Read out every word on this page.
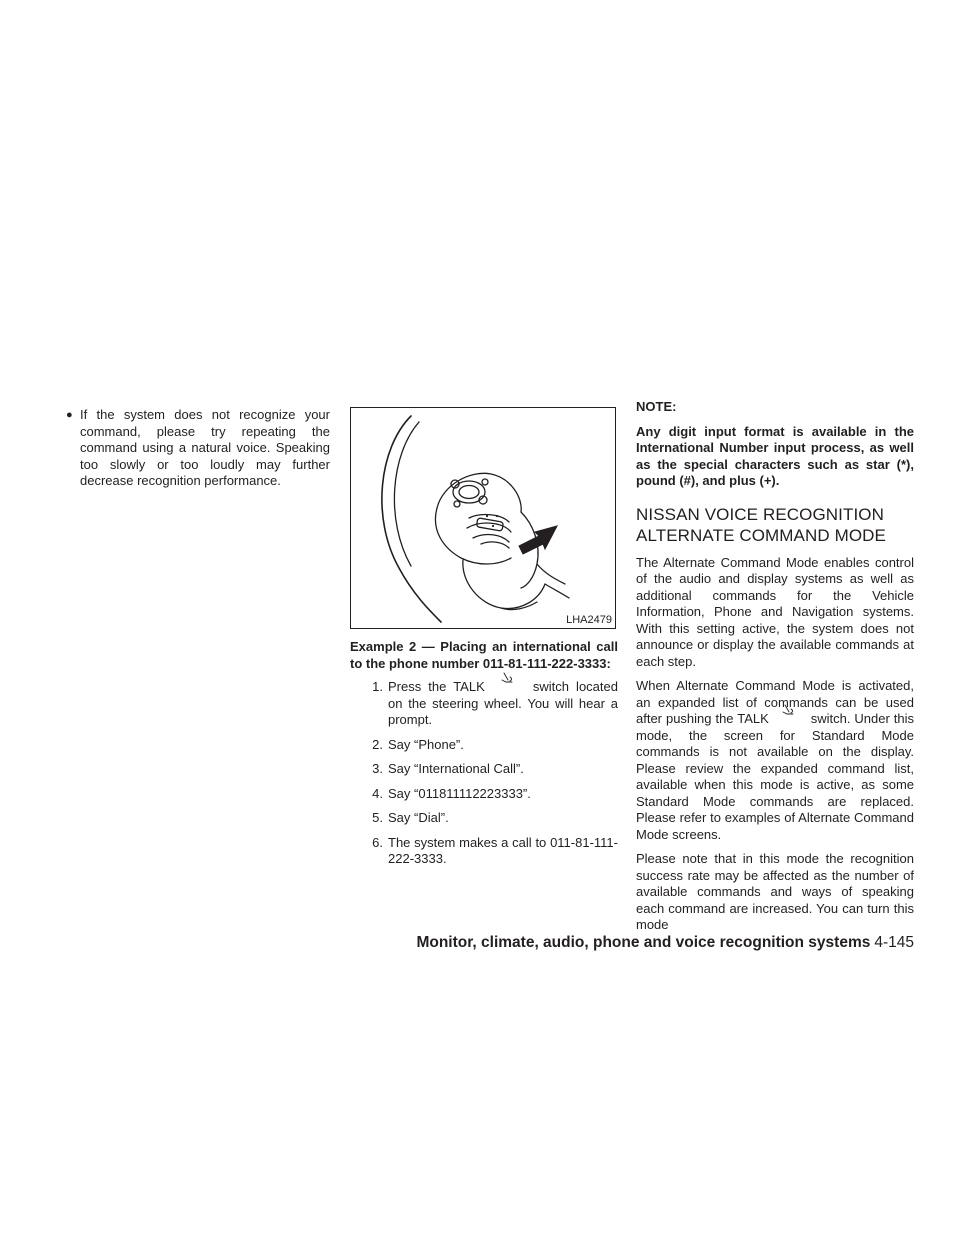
● If the system does not recognize your command, please try repeating the command using a natural voice. Speaking too slowly or too loudly may further decrease recognition performance.
LHA2479
Example 2 — Placing an international call to the phone number 011-81-111-222-3333:
1. Press the TALK	switch located on the steering wheel. You will hear a prompt.
2. Say “Phone”.
3. Say “International Call”.
4. Say “011811112223333”.
5. Say “Dial”.
6. The system makes a call to 011-81-111-222-3333.
NOTE:
Any digit input format is available in the International Number input process, as well as the special characters such as star (*), pound (#), and plus (+).
NISSAN VOICE RECOGNITION
ALTERNATE COMMAND MODE
The Alternate Command Mode enables control of the audio and display systems as well as additional commands for the Vehicle Information, Phone and Navigation systems. With this setting active, the system does not announce or display the available commands at each step.
When Alternate Command Mode is activated, an expanded list of commands can be used after pushing the TALK	switch. Under this mode, the screen for Standard Mode commands is not available on the display. Please review the expanded command list, available when this mode is active, as some Standard Mode commands are replaced. Please refer to examples of Alternate Command Mode screens.
Please note that in this mode the recognition success rate may be affected as the number of available commands and ways of speaking each command are increased. You can turn this mode
Monitor, climate, audio, phone and voice recognition systems 4-145
